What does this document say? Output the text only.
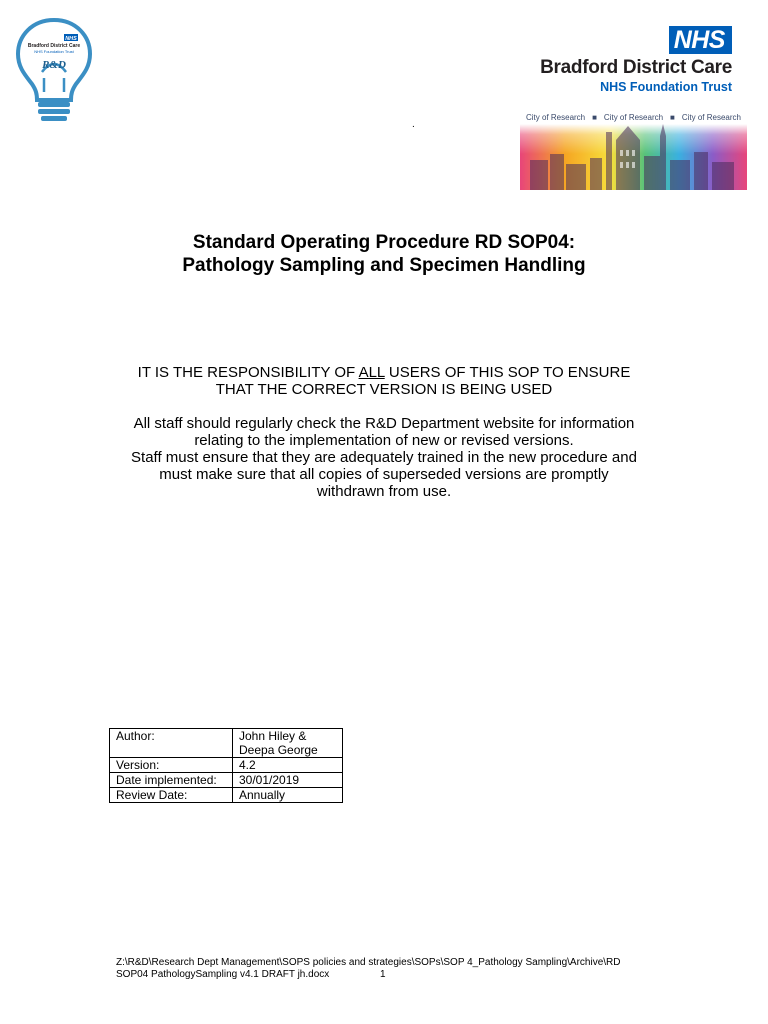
NHS
Bradford District Care
NHS Foundation Trust
R&D
NHS
Bradford District Care
NHS Foundation Trust
.
City of Research ■ City of Research ■ City of Research
Standard Operating Procedure RD SOP04:
Pathology Sampling and Specimen Handling
IT IS THE RESPONSIBILITY OF ALL USERS OF THIS SOP TO ENSURE
THAT THE CORRECT VERSION IS BEING USED
All staff should regularly check the R&D Department website for information
relating to the implementation of new or revised versions.
Staff must ensure that they are adequately trained in the new procedure and
must make sure that all copies of superseded versions are promptly
withdrawn from use.
Author:	John Hiley &
Deepa George

Version:	4.2
Date implemented:	30/01/2019
Review Date:	Annually
Z:\R&D\Research Dept Management\SOPS policies and strategies\SOPs\SOP 4_Pathology Sampling\Archive\RD
SOP04 PathologySampling v4.1 DRAFT jh.docx	1
